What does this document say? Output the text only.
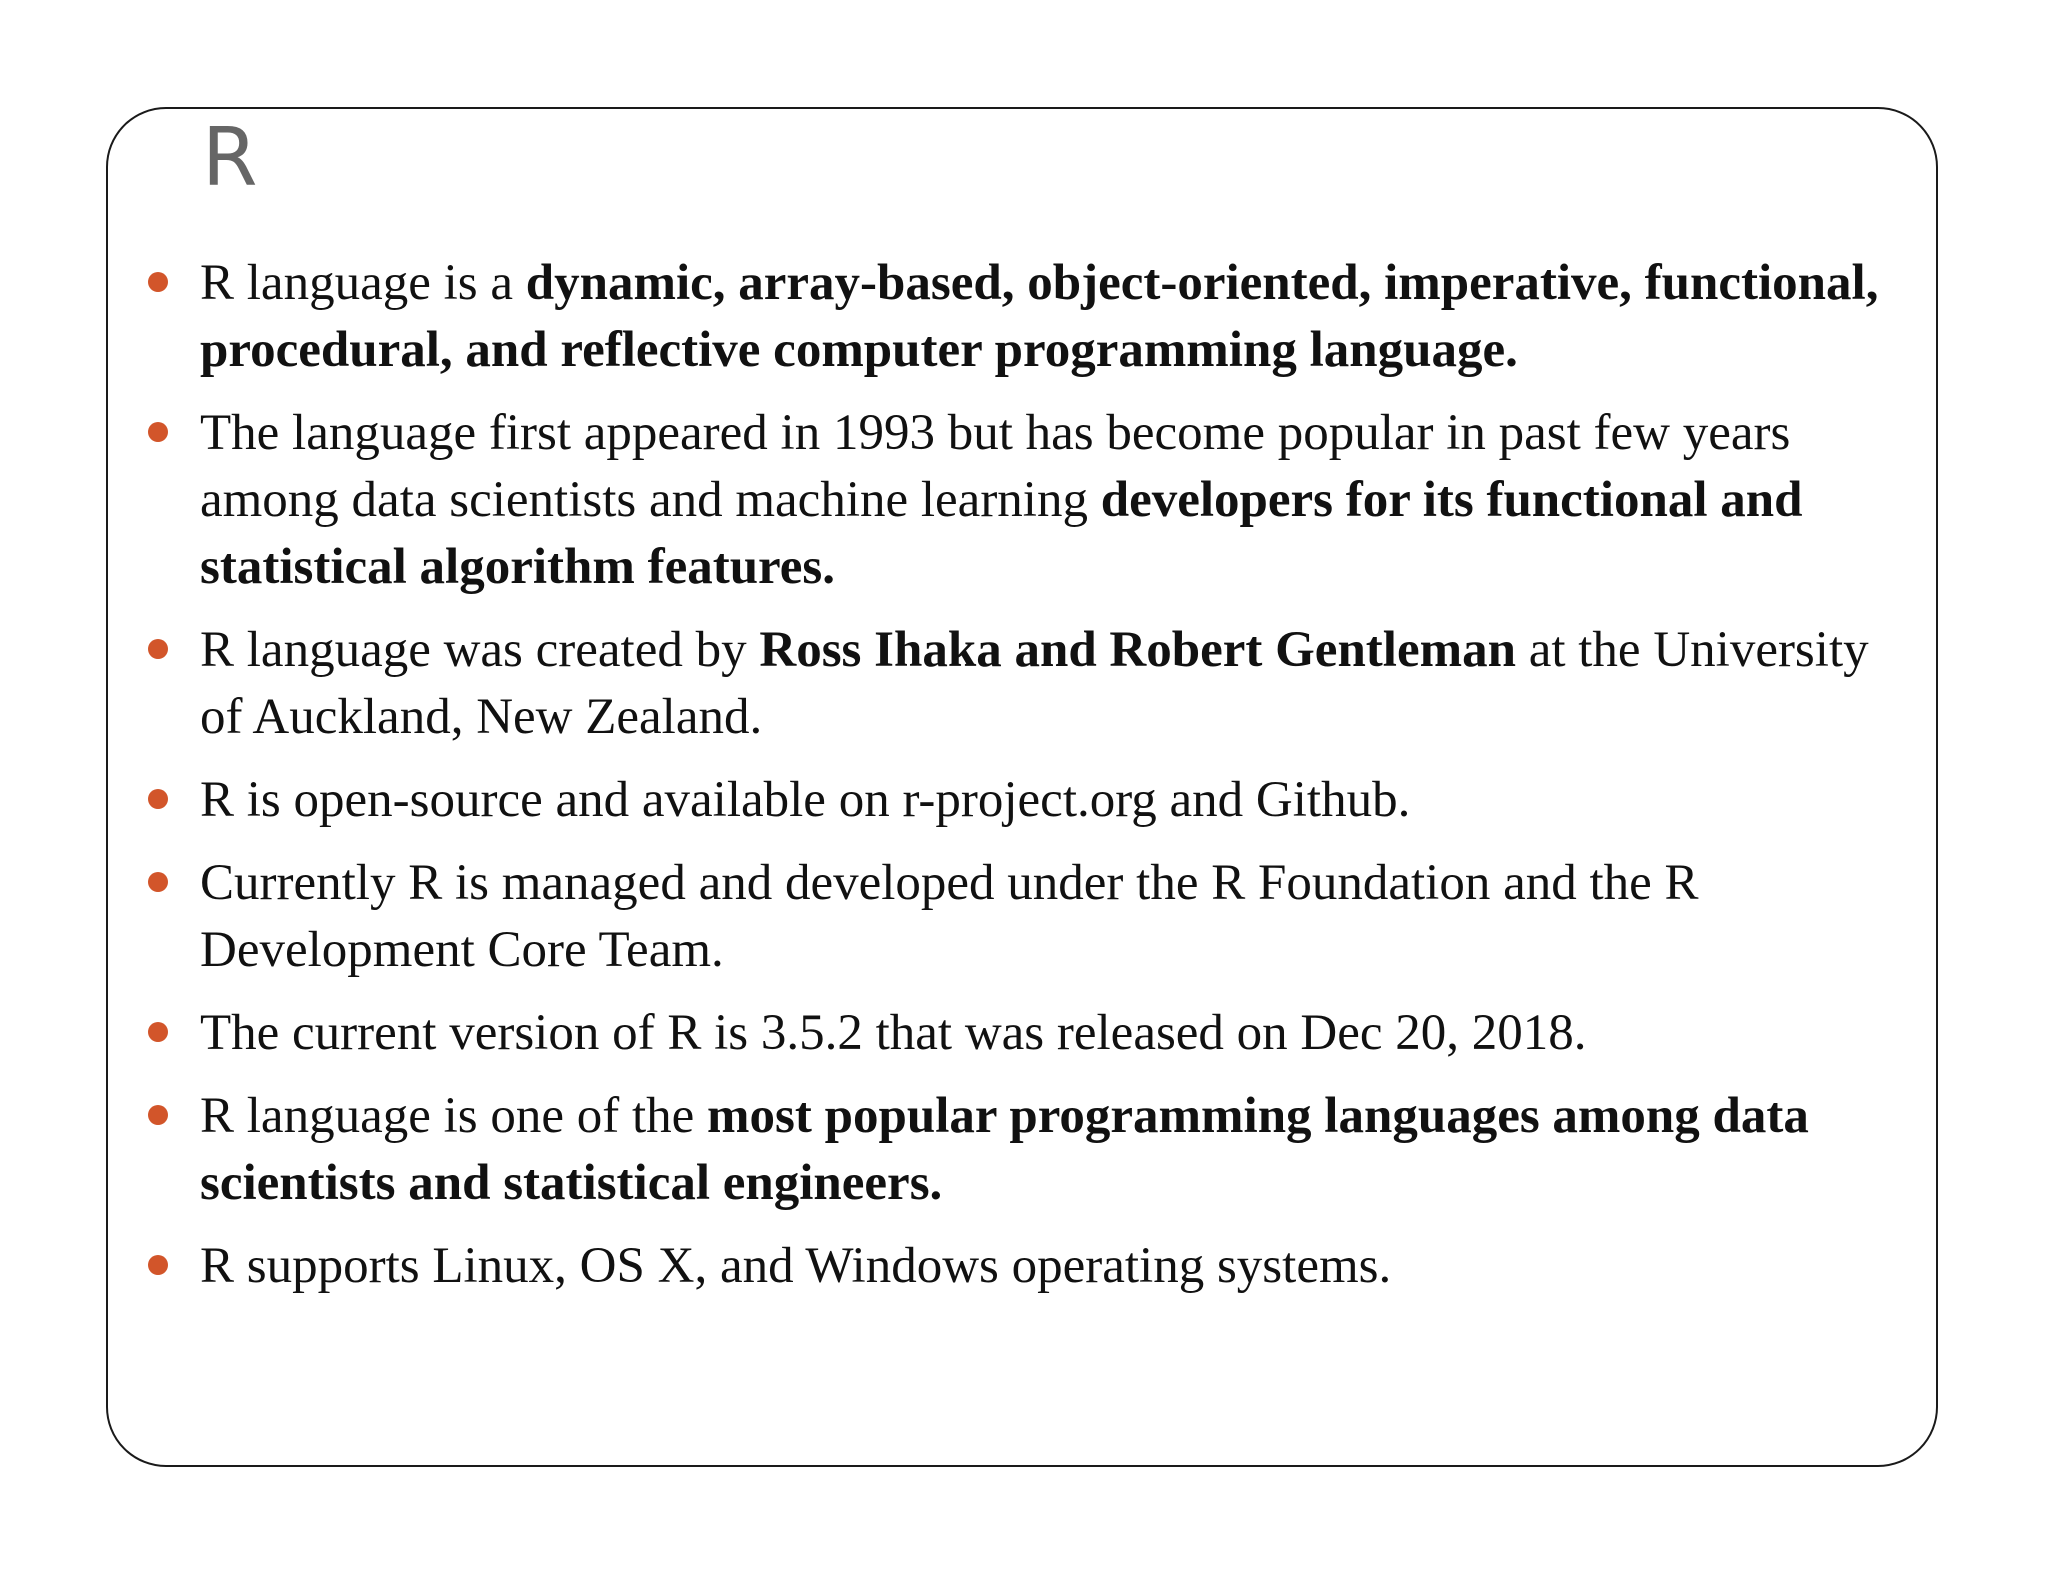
R
R language is a dynamic, array-based, object-oriented, imperative, functional, procedural, and reflective computer programming language.
The language first appeared in 1993 but has become popular in past few years among data scientists and machine learning developers for its functional and statistical algorithm features.
R language was created by Ross Ihaka and Robert Gentleman at the University of Auckland, New Zealand.
R is open-source and available on r-project.org and Github.
Currently R is managed and developed under the R Foundation and the R Development Core Team.
The current version of R is 3.5.2 that was released on Dec 20, 2018.
R language is one of the most popular programming languages among data scientists and statistical engineers.
R supports Linux, OS X, and Windows operating systems.
